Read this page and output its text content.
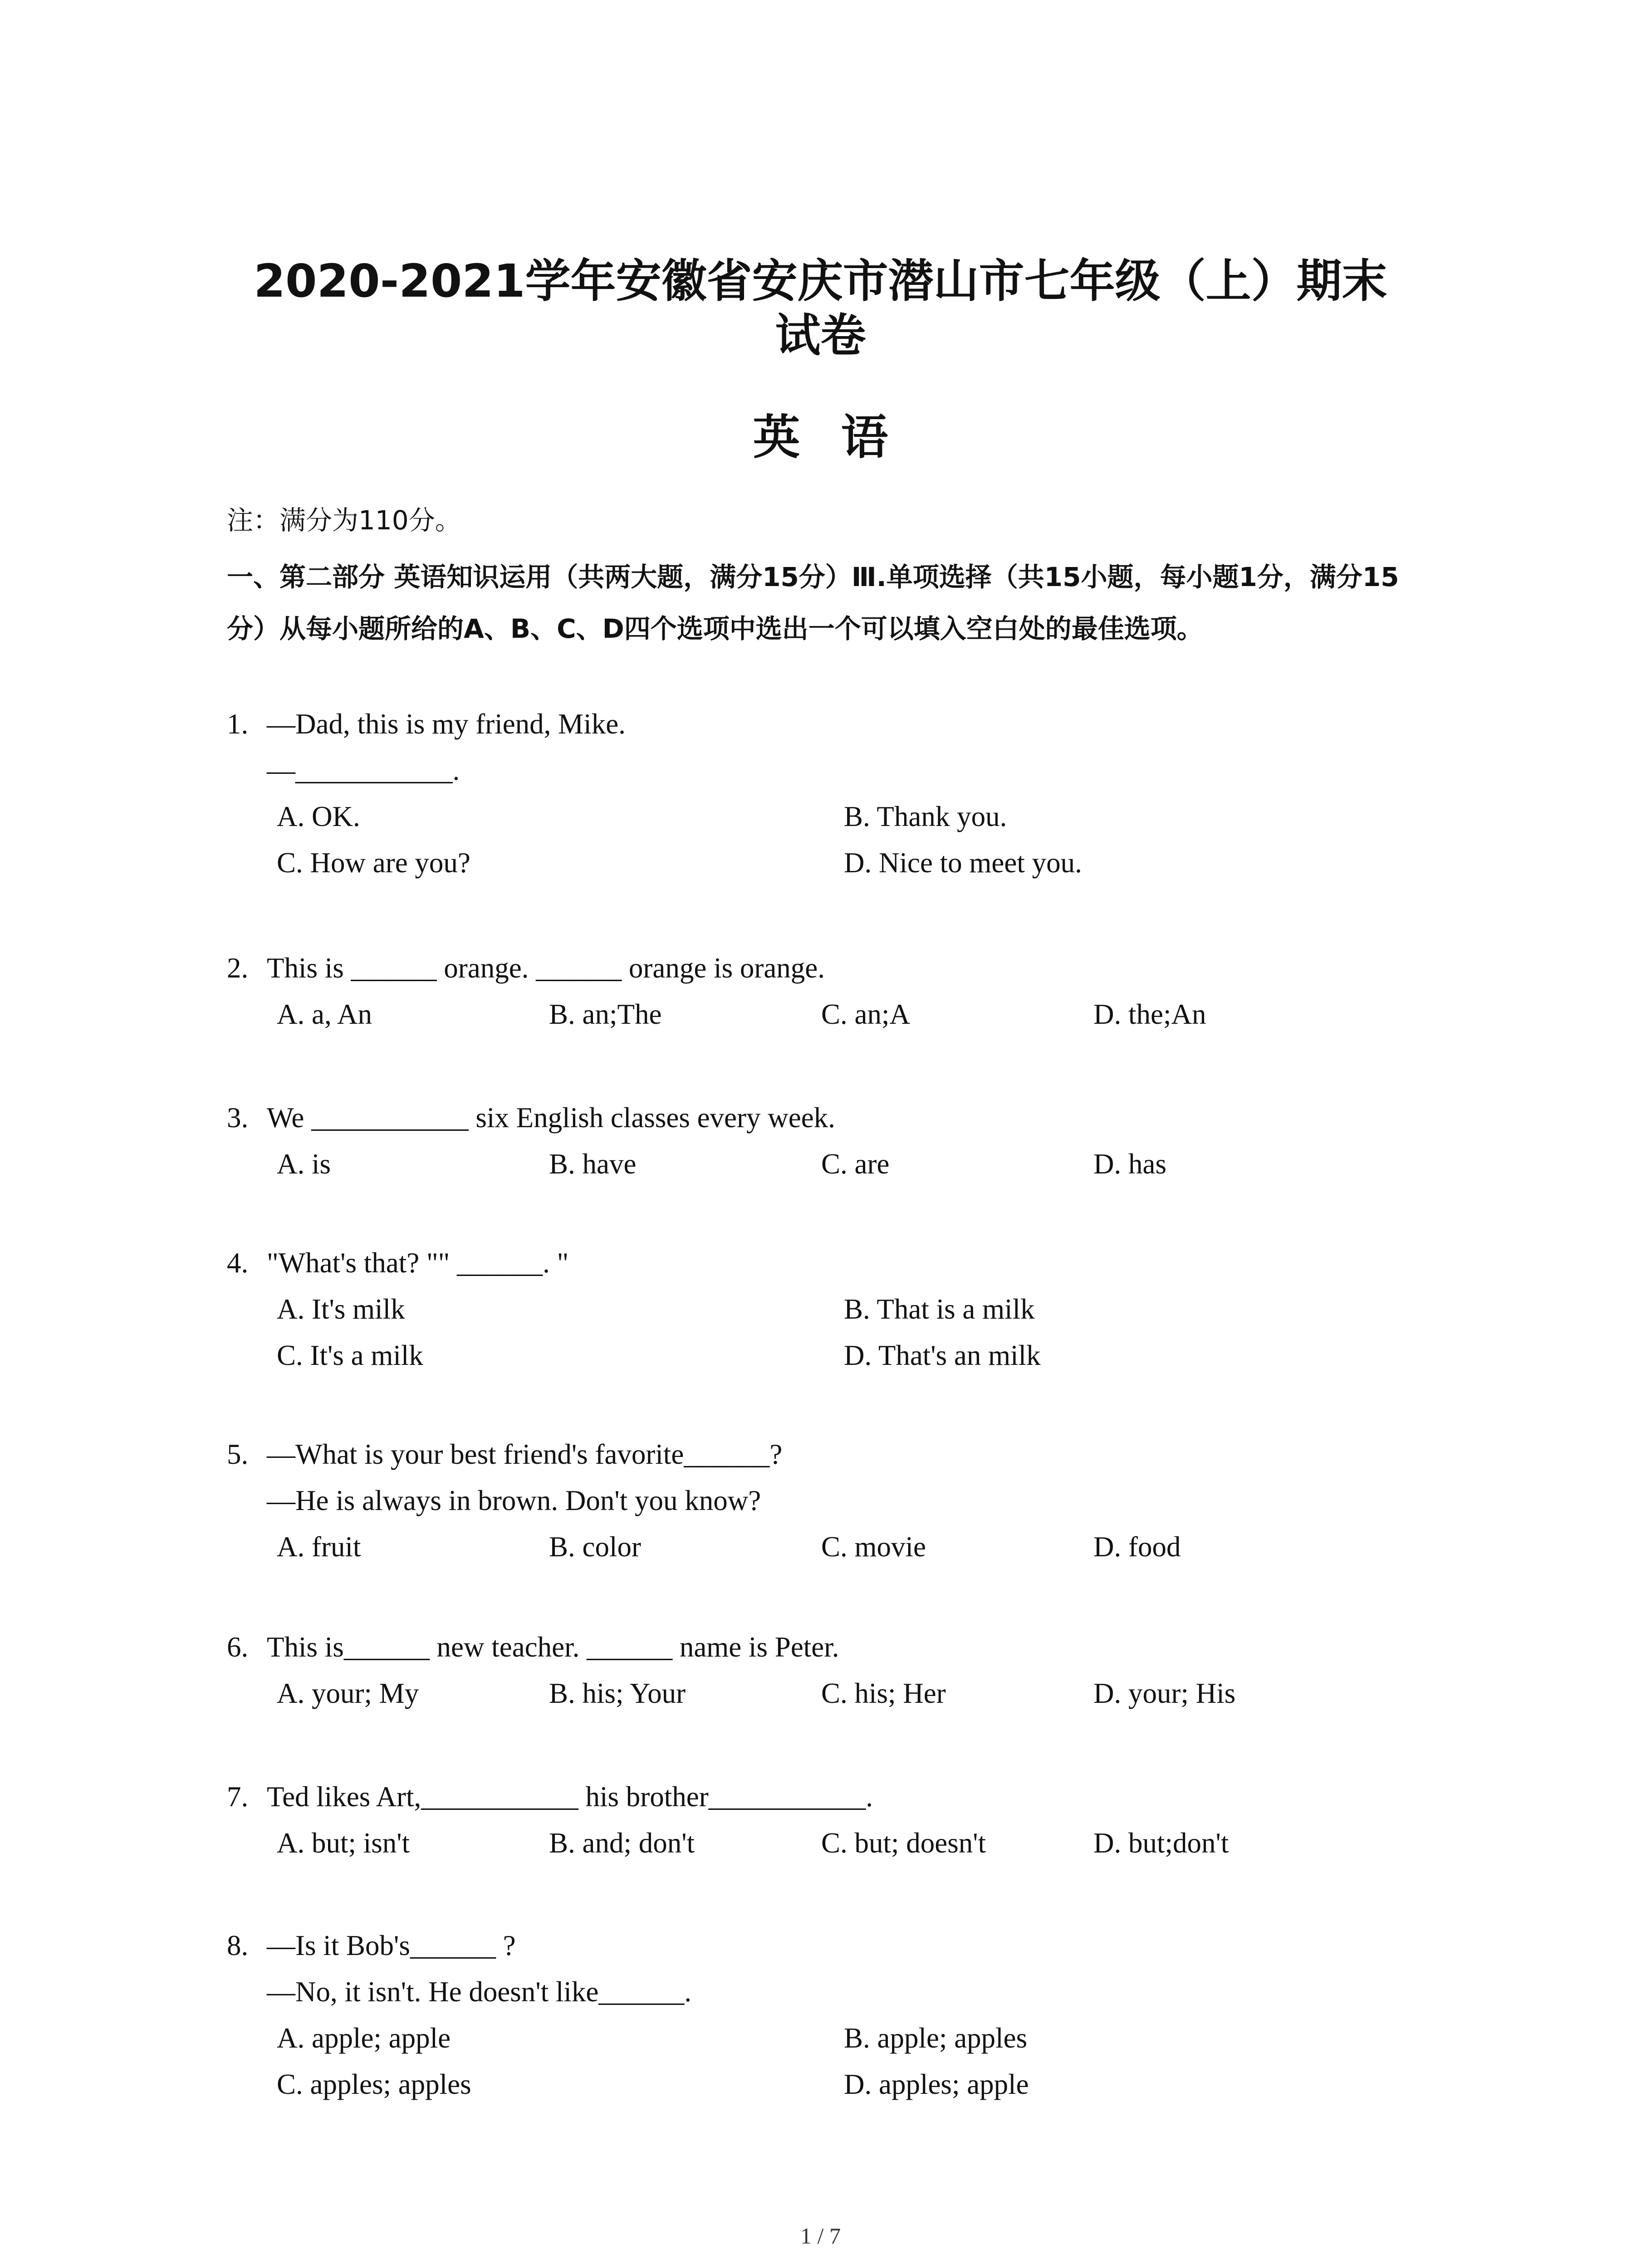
2020-2021学年安徽省安庆市潜山市七年级（上）期末
试卷
英语
注：满分为110分。
一、第二部分 英语知识运用（共两大题，满分15分）Ⅲ.单项选择（共15小题，每小题1分，满分15分）从每小题所给的A、B、C、D四个选项中选出一个可以填入空白处的最佳选项。
1. —Dad, this is my friend, Mike.
—___________.
A. OK.	B. Thank you.
C. How are you?	D. Nice to meet you.
2. This is ______ orange. ______ orange is orange.
A. a, An	B. an;The	C. an;A	D. the;An
3. We ___________ six English classes every week.
A. is	B. have	C. are	D. has
4. "What's that? "" ______. "
A. It's milk	B. That is a milk
C. It's a milk	D. That's an milk
5. —What is your best friend's favorite______?
—He is always in brown. Don't you know?
A. fruit	B. color	C. movie	D. food
6. This is______ new teacher. ______ name is Peter.
A. your; My	B. his; Your	C. his; Her	D. your; His
7. Ted likes Art,___________ his brother___________.
A. but; isn't	B. and; don't	C. but; doesn't	D. but;don't
8. —Is it Bob's______ ?
—No, it isn't. He doesn't like______.
A. apple; apple	B. apple; apples
C. apples; apples	D. apples; apple
1 / 7
